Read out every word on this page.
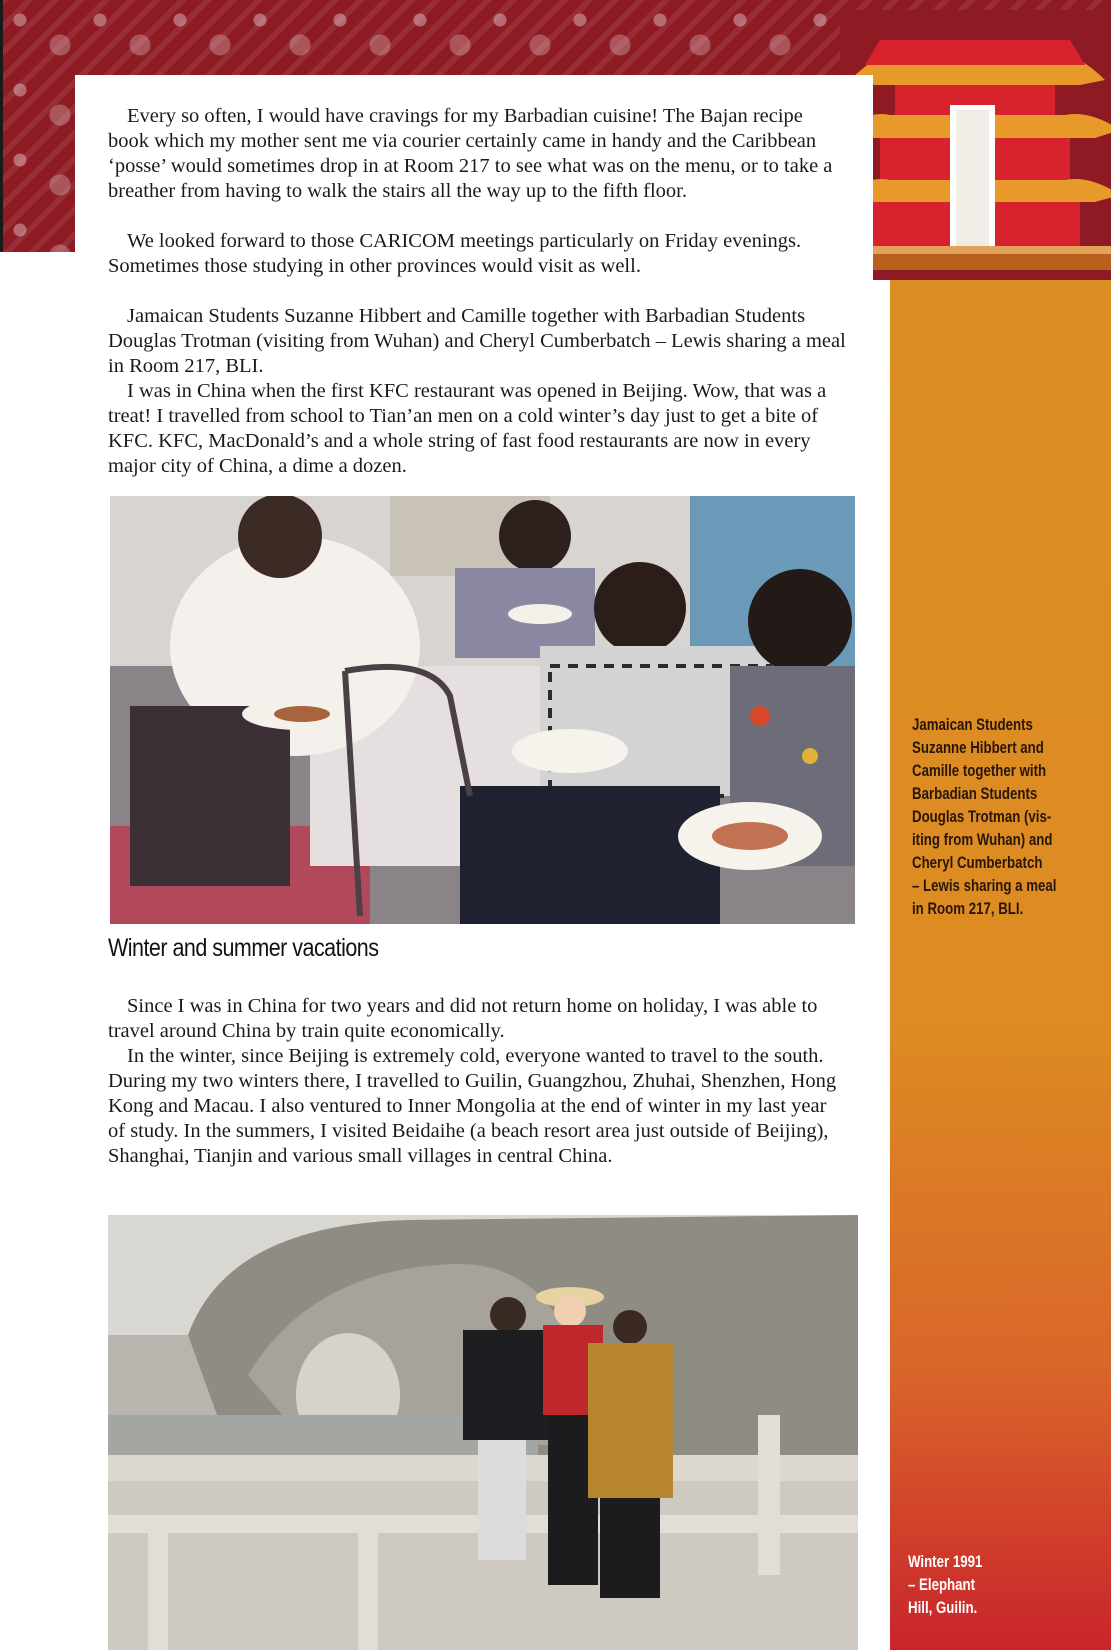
Every so often, I would have cravings for my Barbadian cuisine! The Bajan recipe book which my mother sent me via courier certainly came in handy and the Caribbean ‘posse’ would sometimes drop in at Room 217 to see what was on the menu, or to take a breather from having to walk the stairs all the way up to the fifth floor.

We looked forward to those CARICOM meetings particularly on Friday evenings. Sometimes those studying in other provinces would visit as well.

Jamaican Students Suzanne Hibbert and Camille together with Barbadian Students Douglas Trotman (visiting from Wuhan) and Cheryl Cumberbatch – Lewis sharing a meal in Room 217, BLI.

I was in China when the first KFC restaurant was opened in Beijing. Wow, that was a treat! I travelled from school to Tian’an men on a cold winter’s day just to get a bite of KFC. KFC, MacDonald’s and a whole string of fast food restaurants are now in every major city of China, a dime a dozen.

Winter and summer vacations

Since I was in China for two years and did not return home on holiday, I was able to travel around China by train quite economically.

In the winter, since Beijing is extremely cold, everyone wanted to travel to the south. During my two winters there, I travelled to Guilin, Guangzhou, Zhuhai, Shenzhen, Hong Kong and Macau. I also ventured to Inner Mongolia at the end of winter in my last year of study. In the summers, I visited Beidaihe (a beach resort area just outside of Beijing), Shanghai, Tianjin and various small villages in central China.

Jamaican Students
Suzanne Hibbert and
Camille together with
Barbadian Students
Douglas Trotman (vis-
iting from Wuhan) and
Cheryl Cumberbatch
– Lewis sharing a meal
in Room 217, BLI.
Winter 1991
– Elephant
Hill, Guilin.
